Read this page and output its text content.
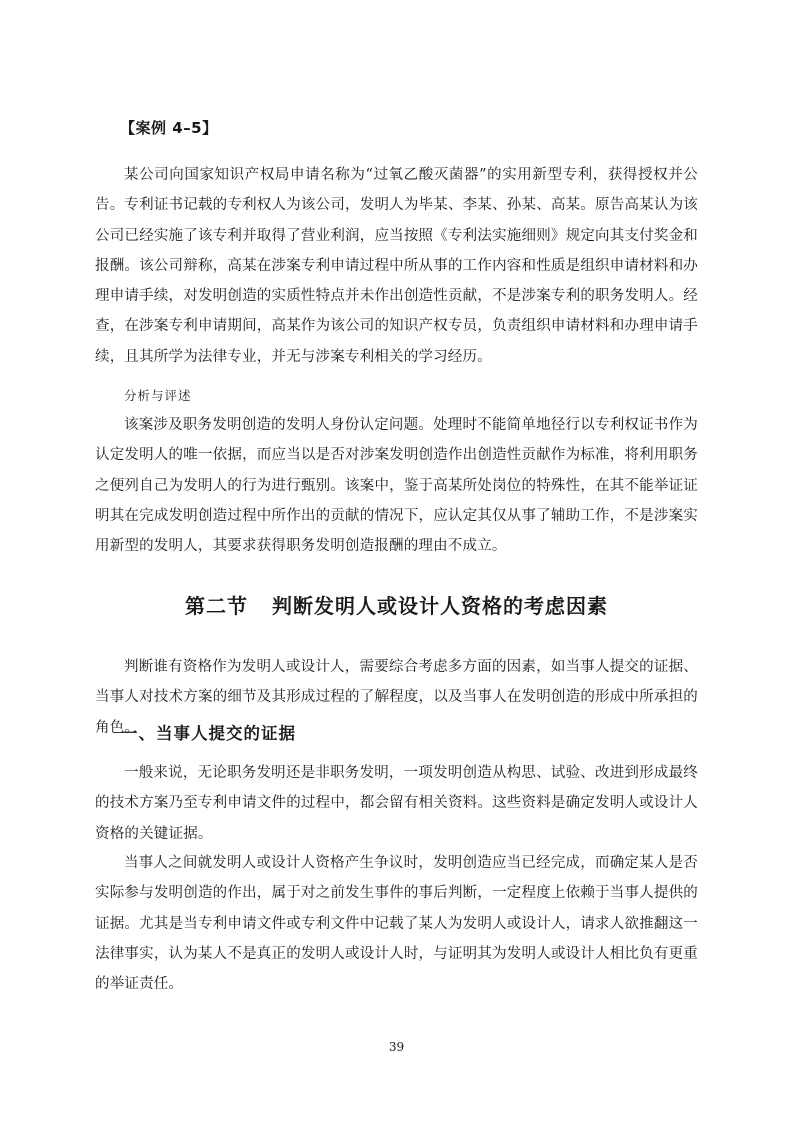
【案例 4–5】

某公司向国家知识产权局申请名称为“过氧乙酸灭菌器”的实用新型专利，获得授权并公告。专利证书记载的专利权人为该公司，发明人为毕某、李某、孙某、高某。原告高某认为该公司已经实施了该专利并取得了营业利润，应当按照《专利法实施细则》规定向其支付奖金和报酬。该公司辩称，高某在涉案专利申请过程中所从事的工作内容和性质是组织申请材料和办理申请手续，对发明创造的实质性特点并未作出创造性贡献，不是涉案专利的职务发明人。经查，在涉案专利申请期间，高某作为该公司的知识产权专员，负责组织申请材料和办理申请手续，且其所学为法律专业，并无与涉案专利相关的学习经历。

分析与评述

该案涉及职务发明创造的发明人身份认定问题。处理时不能简单地径行以专利权证书作为认定发明人的唯一依据，而应当以是否对涉案发明创造作出创造性贡献作为标准，将利用职务之便列自己为发明人的行为进行甄别。该案中，鉴于高某所处岗位的特殊性，在其不能举证证明其在完成发明创造过程中所作出的贡献的情况下，应认定其仅从事了辅助工作，不是涉案实用新型的发明人，其要求获得职务发明创造报酬的理由不成立。

第二节 判断发明人或设计人资格的考虑因素

判断谁有资格作为发明人或设计人，需要综合考虑多方面的因素，如当事人提交的证据、当事人对技术方案的细节及其形成过程的了解程度，以及当事人在发明创造的形成中所承担的角色。

一、当事人提交的证据

一般来说，无论职务发明还是非职务发明，一项发明创造从构思、试验、改进到形成最终的技术方案乃至专利申请文件的过程中，都会留有相关资料。这些资料是确定发明人或设计人资格的关键证据。

当事人之间就发明人或设计人资格产生争议时，发明创造应当已经完成，而确定某人是否实际参与发明创造的作出，属于对之前发生事件的事后判断，一定程度上依赖于当事人提供的证据。尤其是当专利申请文件或专利文件中记载了某人为发明人或设计人，请求人欲推翻这一法律事实，认为某人不是真正的发明人或设计人时，与证明其为发明人或设计人相比负有更重的举证责任。

39
